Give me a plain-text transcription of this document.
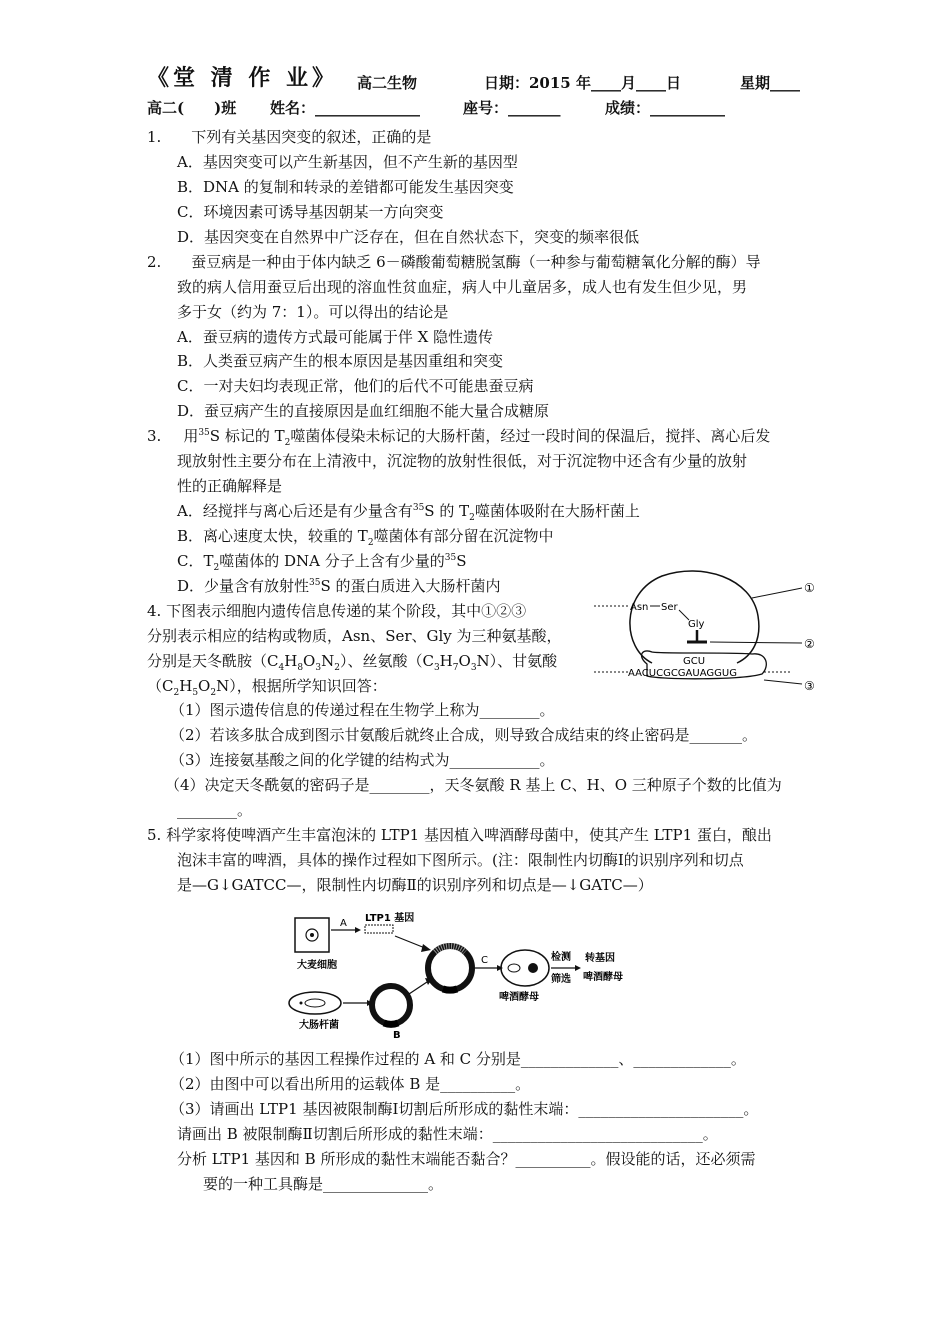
《堂 清 作 业》 高二生物	日期：2015 年____月____日	星期____
高二(　　)班 姓名：______________	座号：_______	成绩：__________
1.　　下列有关基因突变的叙述，正确的是
A．基因突变可以产生新基因，但不产生新的基因型
B．DNA 的复制和转录的差错都可能发生基因突变
C．环境因素可诱导基因朝某一方向突变
D．基因突变在自然界中广泛存在，但在自然状态下，突变的频率很低
2.　　蚕豆病是一种由于体内缺乏 6－磷酸葡萄糖脱氢酶（一种参与葡萄糖氧化分解的酶）导
致的病人信用蚕豆后出现的溶血性贫血症，病人中儿童居多，成人也有发生但少见，男
多于女（约为 7：1）。可以得出的结论是
A．蚕豆病的遗传方式最可能属于伴 X 隐性遗传
B．人类蚕豆病产生的根本原因是基因重组和突变
C．一对夫妇均表现正常，他们的后代不可能患蚕豆病
D．蚕豆病产生的直接原因是血红细胞不能大量合成糖原
3. 用$^{35}$S 标记的 $T_2$噬菌体侵染未标记的大肠杆菌，经过一段时间的保温后，搅拌、离心后发
现放射性主要分布在上清液中，沉淀物的放射性很低，对于沉淀物中还含有少量的放射
性的正确解释是
A．经搅拌与离心后还是有少量含有$^{35}$S 的 $T_2$噬菌体吸附在大肠杆菌上
B．离心速度太快，较重的 $T_2$噬菌体有部分留在沉淀物中
C．$T_2$噬菌体的 DNA 分子上含有少量的$^{35}$S
D．少量含有放射性$^{35}$S 的蛋白质进入大肠杆菌内
4. 下图表示细胞内遗传信息传递的某个阶段，其中①②③
分别表示相应的结构或物质，Asn、Ser、Gly 为三种氨基酸，
分别是天冬酰胺$(C_4H_8O_3N_2)$、丝氨酸$(C_3H_7O_3N)$、甘氨酸
$(C_2H_5O_2N)$，根据所学知识回答：
Asn Ser
Gly
GCU
AACUCGCGAUAGGUG
①
②
③
（1）图示遗传信息的传递过程在生物学上称为________。
（2）若该多肽合成到图示甘氨酸后就终止合成，则导致合成结束的终止密码是_______。
（3）连接氨基酸之间的化学键的结构式为____________。
（4）决定天冬酰氨的密码子是________，天冬氨酸 R 基上 C、H、O 三种原子个数的比值为
________。
5. 科学家将使啤酒产生丰富泡沫的 LTP1 基因植入啤酒酵母菌中，使其产生 LTP1 蛋白，酿出
泡沫丰富的啤酒，具体的操作过程如下图所示。(注：限制性内切酶Ⅰ的识别序列和切点
是—G↓GATCC—，限制性内切酶Ⅱ的识别序列和切点是—↓GATC—）
大麦细胞
A LTP1 基因
C
啤酒酵母
检测
筛选
转基因
啤酒酵母
大肠杆菌
B
（1）图中所示的基因工程操作过程的 A 和 C 分别是_____________、_____________。
（2）由图中可以看出所用的运载体 B 是__________。
（3）请画出 LTP1 基因被限制酶Ⅰ切割后所形成的黏性末端：______________________。
请画出 B 被限制酶Ⅱ切割后所形成的黏性末端：____________________________。
分析 LTP1 基因和 B 所形成的黏性末端能否黏合？__________。假设能的话，还必须需
要的一种工具酶是______________。
